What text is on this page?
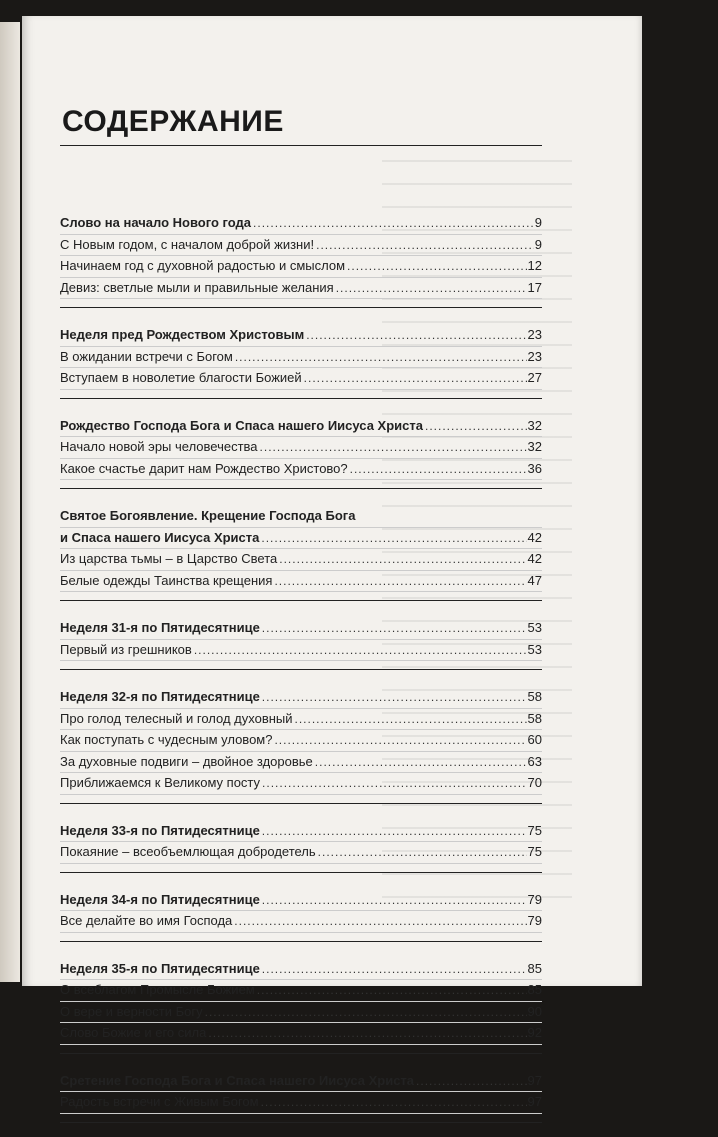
СОДЕРЖАНИЕ
Слово на начало Нового года .....	9
С Новым годом, с началом доброй жизни! .....	9
Начинаем год с духовной радостью и смыслом .....	12
Девиз: светлые мыли и правильные желания .....	17
Неделя пред Рождеством Христовым .....	23
В ожидании встречи с Богом .....	23
Вступаем в новолетие благости Божией .....	27
Рождество Господа Бога и Спаса нашего Иисуса Христа .....	32
Начало новой эры человечества .....	32
Какое счастье дарит нам Рождество Христово? .....	36
Святое Богоявление. Крещение Господа Бога
и Спаса нашего Иисуса Христа .....	42
Из царства тьмы – в Царство Света .....	42
Белые одежды Таинства крещения .....	47
Неделя 31-я по Пятидесятнице .....	53
Первый из грешников .....	53
Неделя 32-я по Пятидесятнице .....	58
Про голод телесный и голод духовный .....	58
Как поступать с чудесным уловом? .....	60
За духовные подвиги – двойное здоровье .....	63
Приближаемся к Великому посту .....	70
Неделя 33-я по Пятидесятнице .....	75
Покаяние – всеобъемлющая добродетель .....	75
Неделя 34-я по Пятидесятнице .....	79
Все делайте во имя Господа .....	79
Неделя 35-я по Пятидесятнице .....	85
О всеблагом Промысле Божием .....	85
О вере и верности Богу .....	90
Слово Божие и его сила .....	92
Сретение Господа Бога и Спаса нашего Иисуса Христа .....	97
Радость встречи с Живым Богом .....	97
